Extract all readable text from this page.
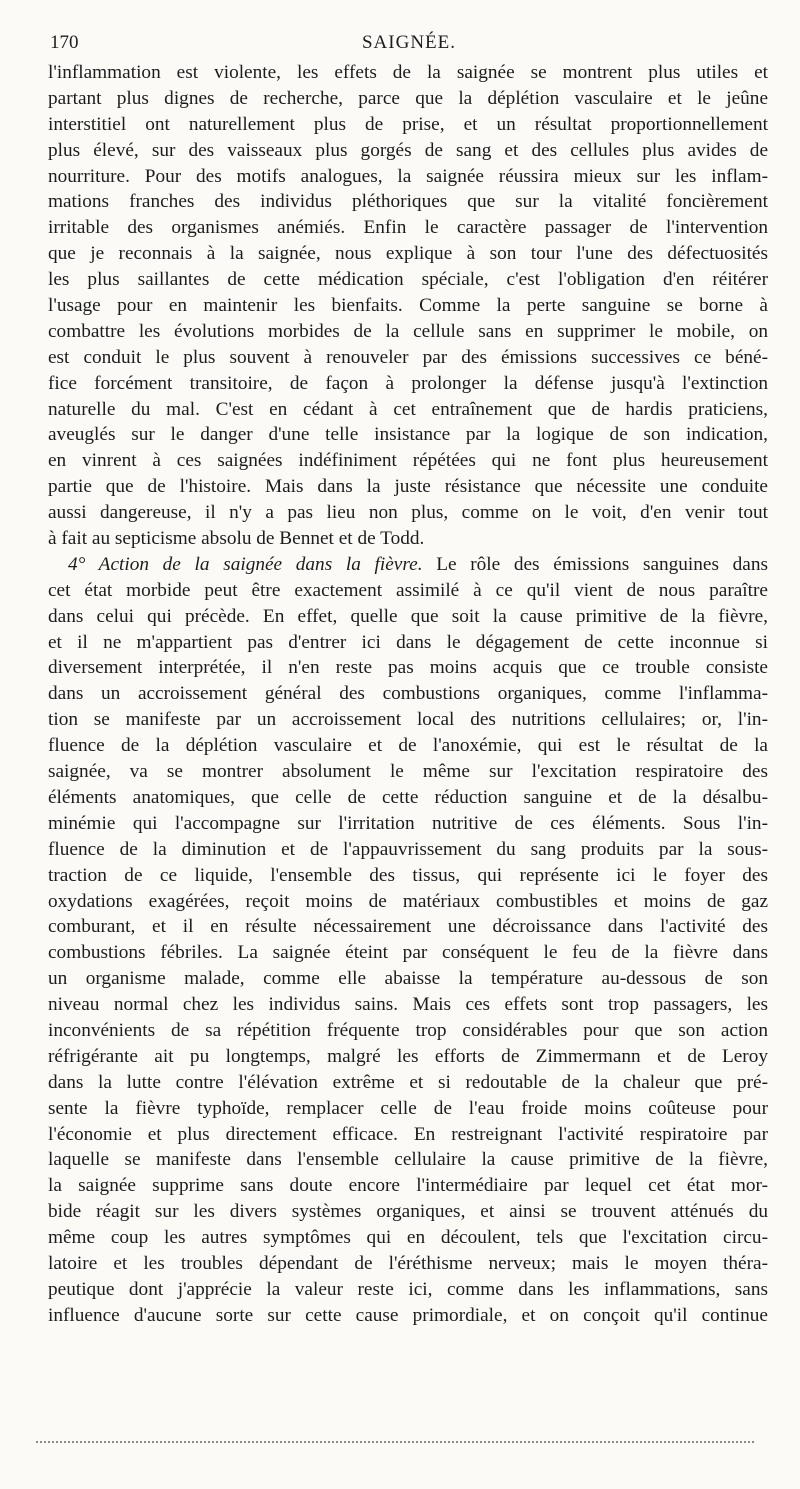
170	SAIGNÉE.
l'inflammation est violente, les effets de la saignée se montrent plus utiles et
partant plus dignes de recherche, parce que la déplétion vasculaire et le jeûne
interstitiel ont naturellement plus de prise, et un résultat proportionnellement
plus élevé, sur des vaisseaux plus gorgés de sang et des cellules plus avides de
nourriture. Pour des motifs analogues, la saignée réussira mieux sur les inflam-
mations franches des individus pléthoriques que sur la vitalité foncièrement
irritable des organismes anémiés. Enfin le caractère passager de l'intervention
que je reconnais à la saignée, nous explique à son tour l'une des défectuosités
les plus saillantes de cette médication spéciale, c'est l'obligation d'en réitérer
l'usage pour en maintenir les bienfaits. Comme la perte sanguine se borne à
combattre les évolutions morbides de la cellule sans en supprimer le mobile, on
est conduit le plus souvent à renouveler par des émissions successives ce béné-
fice forcément transitoire, de façon à prolonger la défense jusqu'à l'extinction
naturelle du mal. C'est en cédant à cet entraînement que de hardis praticiens,
aveuglés sur le danger d'une telle insistance par la logique de son indication,
en vinrent à ces saignées indéfiniment répétées qui ne font plus heureusement
partie que de l'histoire. Mais dans la juste résistance que nécessite une conduite
aussi dangereuse, il n'y a pas lieu non plus, comme on le voit, d'en venir tout
à fait au septicisme absolu de Bennet et de Todd.
4° Action de la saignée dans la fièvre. Le rôle des émissions sanguines dans
cet état morbide peut être exactement assimilé à ce qu'il vient de nous paraître
dans celui qui précède. En effet, quelle que soit la cause primitive de la fièvre,
et il ne m'appartient pas d'entrer ici dans le dégagement de cette inconnue si
diversement interprétée, il n'en reste pas moins acquis que ce trouble consiste
dans un accroissement général des combustions organiques, comme l'inflamma-
tion se manifeste par un accroissement local des nutritions cellulaires; or, l'in-
fluence de la déplétion vasculaire et de l'anoxémie, qui est le résultat de la
saignée, va se montrer absolument le même sur l'excitation respiratoire des
éléments anatomiques, que celle de cette réduction sanguine et de la désalbu-
minémie qui l'accompagne sur l'irritation nutritive de ces éléments. Sous l'in-
fluence de la diminution et de l'appauvrissement du sang produits par la sous-
traction de ce liquide, l'ensemble des tissus, qui représente ici le foyer des
oxydations exagérées, reçoit moins de matériaux combustibles et moins de gaz
comburant, et il en résulte nécessairement une décroissance dans l'activité des
combustions fébriles. La saignée éteint par conséquent le feu de la fièvre dans
un organisme malade, comme elle abaisse la température au-dessous de son
niveau normal chez les individus sains. Mais ces effets sont trop passagers, les
inconvénients de sa répétition fréquente trop considérables pour que son action
réfrigérante ait pu longtemps, malgré les efforts de Zimmermann et de Leroy
dans la lutte contre l'élévation extrême et si redoutable de la chaleur que pré-
sente la fièvre typhoïde, remplacer celle de l'eau froide moins coûteuse pour
l'économie et plus directement efficace. En restreignant l'activité respiratoire par
laquelle se manifeste dans l'ensemble cellulaire la cause primitive de la fièvre,
la saignée supprime sans doute encore l'intermédiaire par lequel cet état mor-
bide réagit sur les divers systèmes organiques, et ainsi se trouvent atténués du
même coup les autres symptômes qui en découlent, tels que l'excitation circu-
latoire et les troubles dépendant de l'éréthisme nerveux; mais le moyen théra-
peutique dont j'apprécie la valeur reste ici, comme dans les inflammations, sans
influence d'aucune sorte sur cette cause primordiale, et on conçoit qu'il continue
